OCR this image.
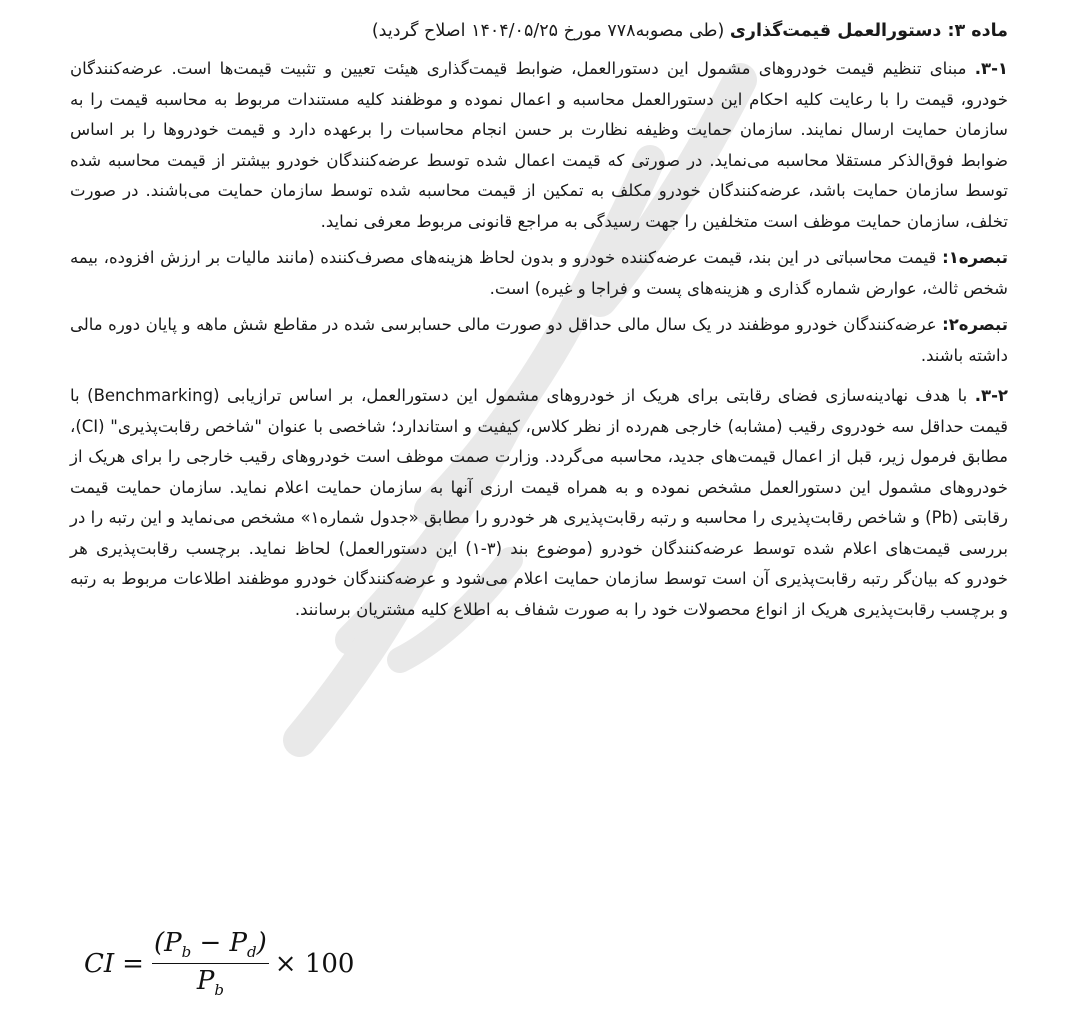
ماده ۳: دستورالعمل قیمت‌گذاری (طی مصوبه۷۷۸ مورخ ۱۴۰۴/۰۵/۲۵ اصلاح گردید)

۳-۱. مبنای تنظیم قیمت خودروهای مشمول این دستورالعمل، ضوابط قیمت‌گذاری هیئت تعیین و تثبیت قیمت‌ها است. عرضه‌کنندگان خودرو، قیمت را با رعایت کلیه احکام این دستورالعمل محاسبه و اعمال نموده و موظفند کلیه مستندات مربوط به محاسبه قیمت را به سازمان حمایت ارسال نمایند. سازمان حمایت وظیفه نظارت بر حسن انجام محاسبات را برعهده دارد و قیمت خودروها را بر اساس ضوابط فوق‌الذکر مستقلا محاسبه می‌نماید. در صورتی که قیمت اعمال شده توسط عرضه‌کنندگان خودرو بیشتر از قیمت محاسبه شده توسط سازمان حمایت باشد، عرضه‌کنندگان خودرو مکلف به تمکین از قیمت محاسبه شده توسط سازمان حمایت می‌باشند. در صورت تخلف، سازمان حمایت موظف است متخلفین را جهت رسیدگی به مراجع قانونی مربوط معرفی نماید.

تبصره۱: قیمت محاسباتی در این بند، قیمت عرضه‌کننده خودرو و بدون لحاظ هزینه‌های مصرف‌کننده (مانند مالیات بر ارزش افزوده، بیمه شخص ثالث، عوارض شماره گذاری و هزینه‌های پست و فراجا و غیره) است.

تبصره۲: عرضه‌کنندگان خودرو موظفند در یک سال مالی حداقل دو صورت مالی حسابرسی شده در مقاطع شش ماهه و پایان دوره مالی داشته باشند.

۳-۲. با هدف نهادینه‌سازی فضای رقابتی برای هریک از خودروهای مشمول این دستورالعمل، بر اساس ترازیابی (Benchmarking) با قیمت حداقل سه خودروی رقیب (مشابه) خارجی هم‌رده از نظر کلاس، کیفیت و استاندارد؛ شاخصی با عنوان "شاخص رقابت‌پذیری" (CI)، مطابق فرمول زیر، قبل از اعمال قیمت‌های جدید، محاسبه می‌گردد. وزارت صمت موظف است خودروهای رقیب خارجی را برای هریک از خودروهای مشمول این دستورالعمل مشخص نموده و به همراه قیمت ارزی آنها به سازمان حمایت اعلام نماید. سازمان حمایت قیمت رقابتی (Pb) و شاخص رقابت‌پذیری را محاسبه و رتبه رقابت‌پذیری هر خودرو را مطابق «جدول شماره۱» مشخص می‌نماید و این رتبه را در بررسی قیمت‌های اعلام شده توسط عرضه‌کنندگان خودرو (موضوع بند (۳-۱) این دستورالعمل) لحاظ نماید. برچسب رقابت‌پذیری هر خودرو که بیان‌گر رتبه رقابت‌پذیری آن است توسط سازمان حمایت اعلام می‌شود و عرضه‌کنندگان خودرو موظفند اطلاعات مربوط به رتبه و برچسب رقابت‌پذیری هریک از انواع محصولات خود را به صورت شفاف به اطلاع کلیه مشتریان برسانند.

CI = $\frac{(P_b - P_d)}{P_b} \times 100$
